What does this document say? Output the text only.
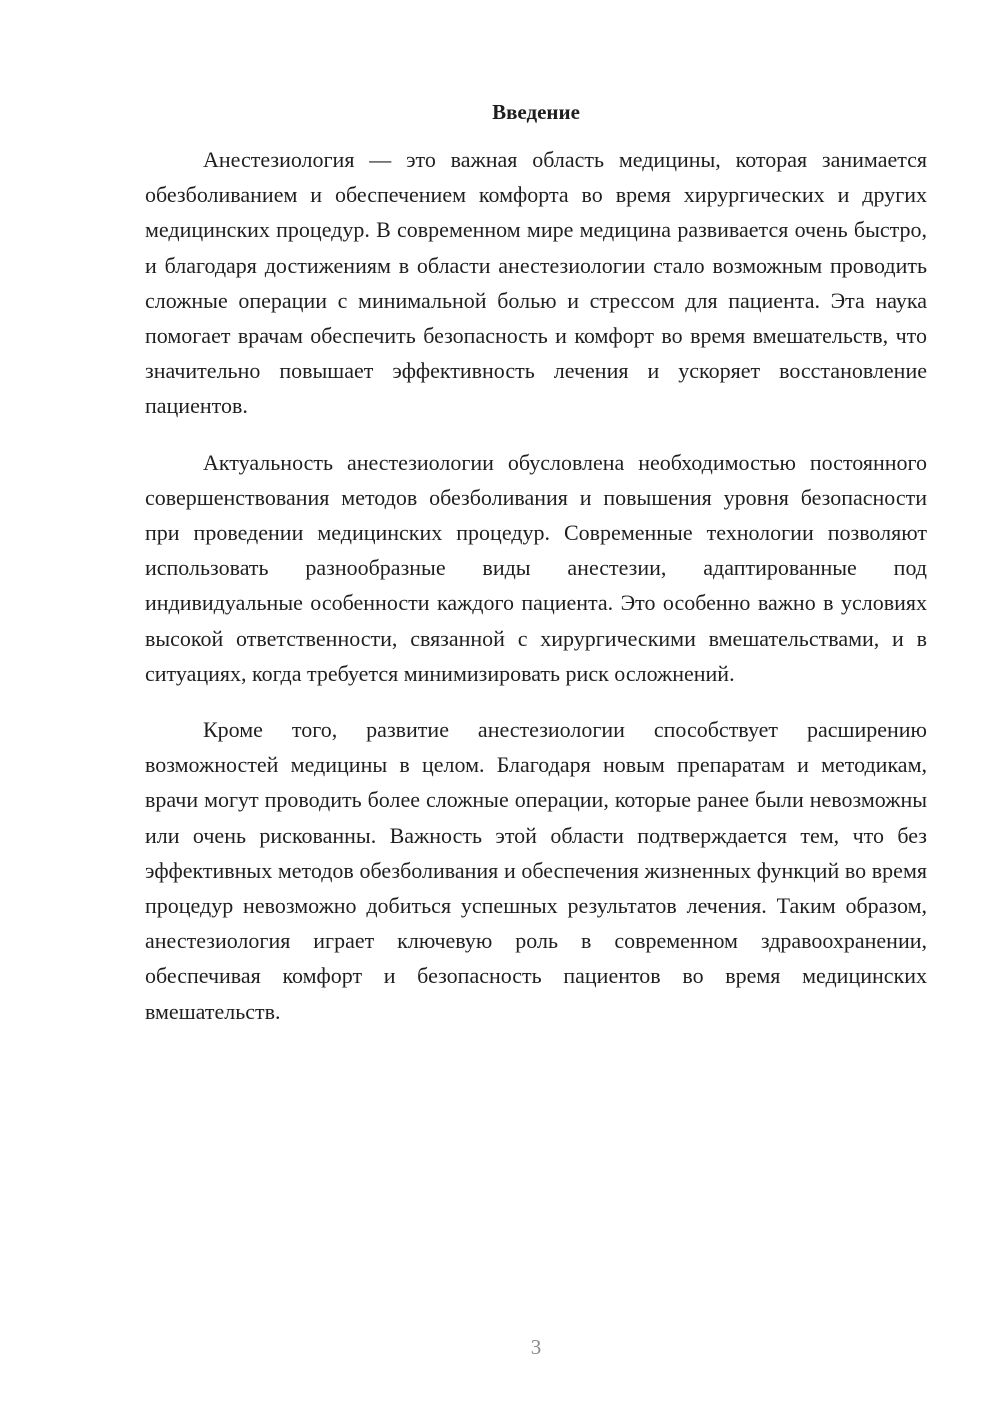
Введение

Анестезиология — это важная область медицины, которая занимается обезболиванием и обеспечением комфорта во время хирургических и других медицинских процедур. В современном мире медицина развивается очень быстро, и благодаря достижениям в области анестезиологии стало возможным проводить сложные операции с минимальной болью и стрессом для пациента. Эта наука помогает врачам обеспечить безопасность и комфорт во время вмешательств, что значительно повышает эффективность лечения и ускоряет восстановление пациентов.

Актуальность анестезиологии обусловлена необходимостью постоянного совершенствования методов обезболивания и повышения уровня безопасности при проведении медицинских процедур. Современные технологии позволяют использовать разнообразные виды анестезии, адаптированные под индивидуальные особенности каждого пациента. Это особенно важно в условиях высокой ответственности, связанной с хирургическими вмешательствами, и в ситуациях, когда требуется минимизировать риск осложнений.

Кроме того, развитие анестезиологии способствует расширению возможностей медицины в целом. Благодаря новым препаратам и методикам, врачи могут проводить более сложные операции, которые ранее были невозможны или очень рискованны. Важность этой области подтверждается тем, что без эффективных методов обезболивания и обеспечения жизненных функций во время процедур невозможно добиться успешных результатов лечения. Таким образом, анестезиология играет ключевую роль в современном здравоохранении, обеспечивая комфорт и безопасность пациентов во время медицинских вмешательств.

3
